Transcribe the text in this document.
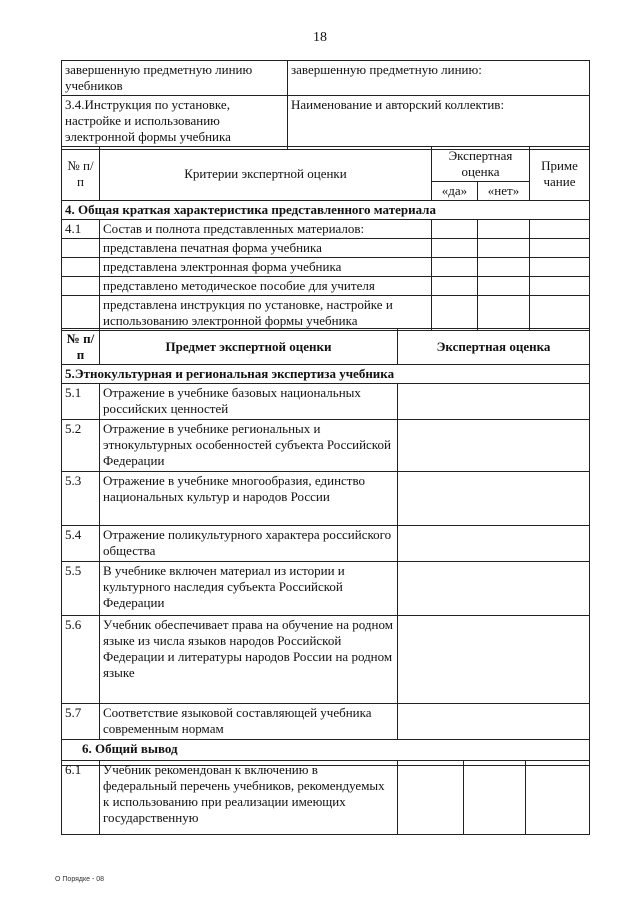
18
завершенную предметную линию учебников	завершенную предметную линию:
3.4.Инструкция по установке, настройке и использованию электронной формы учебника	Наименование и авторский коллектив:
№ п/п	Критерии экспертной оценки	Экспертная оценка		Приме чание
		«да»	«нет»	
4. Общая краткая характеристика представленного материала				
4.1	Состав и полнота представленных материалов:			
	представлена печатная форма учебника			
	представлена электронная форма учебника			
	представлено методическое пособие для учителя			
	представлена инструкция по установке, настройке и использованию электронной формы учебника			
№ п/п	Предмет экспертной оценки	Экспертная оценка
5.Этнокультурная и региональная экспертиза учебника		
5.1	Отражение в учебнике базовых национальных российских ценностей	
5.2	Отражение в учебнике региональных и этнокультурных особенностей субъекта Российской Федерации	
5.3	Отражение в учебнике многообразия, единство национальных культур и народов России	
5.4	Отражение поликультурного характера российского общества	
5.5	В учебнике включен материал из истории и культурного наследия субъекта Российской Федерации	
5.6	Учебник обеспечивает права на обучение на родном языке из числа языков народов Российской Федерации и литературы народов России на родном языке	
5.7	Соответствие языковой составляющей учебника современным нормам	
6. Общий вывод		
6.1	Учебник рекомендован к включению в федеральный перечень учебников, рекомендуемых к использованию при реализации имеющих государственную			
О Порядке - 08
